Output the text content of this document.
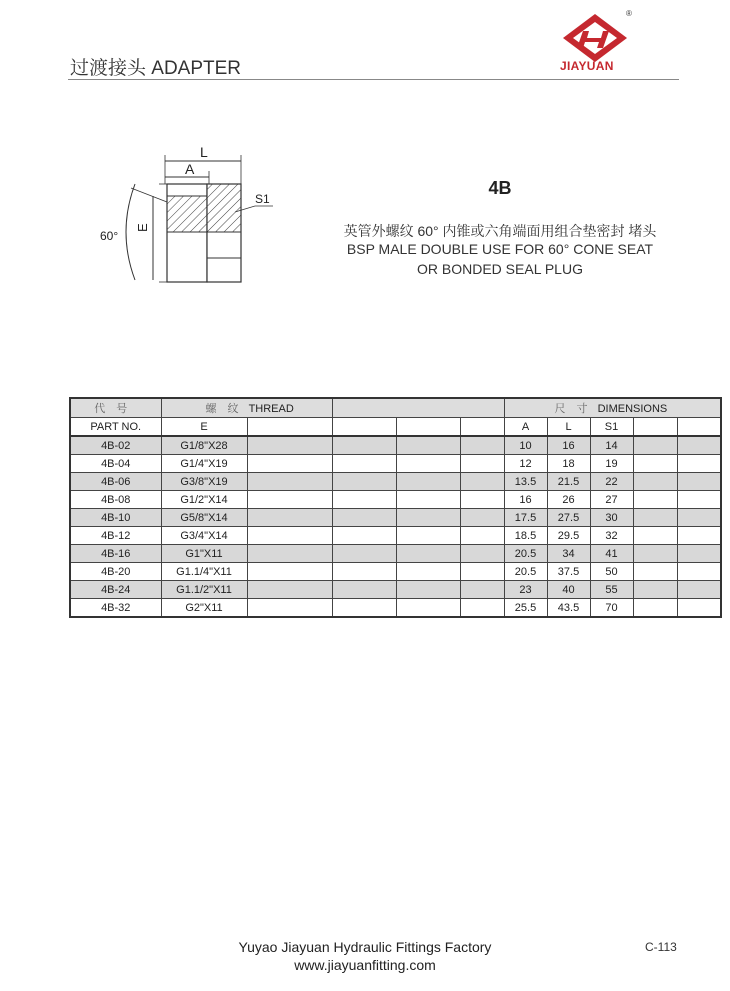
过渡接头 ADAPTER
®
JIAYUAN
L
A
E
60°
S1
4B
英管外螺纹 60° 内锥或六角端面用组合垫密封 堵头
BSP MALE DOUBLE USE FOR 60° CONE SEAT
OR BONDED SEAL PLUG
代 号	螺 纹 THREAD					尺 寸 DIMENSIONS				
PART NO.	E					A	L	S1		
4B-02	G1/8"X28					10	16	14		
4B-04	G1/4"X19					12	18	19		
4B-06	G3/8"X19					13.5	21.5	22		
4B-08	G1/2"X14					16	26	27		
4B-10	G5/8"X14					17.5	27.5	30		
4B-12	G3/4"X14					18.5	29.5	32		
4B-16	G1"X11					20.5	34	41		
4B-20	G1.1/4"X11					20.5	37.5	50		
4B-24	G1.1/2"X11					23	40	55		
4B-32	G2"X11					25.5	43.5	70		
Yuyao Jiayuan Hydraulic Fittings Factory
www.jiayuanfitting.com
C-113
